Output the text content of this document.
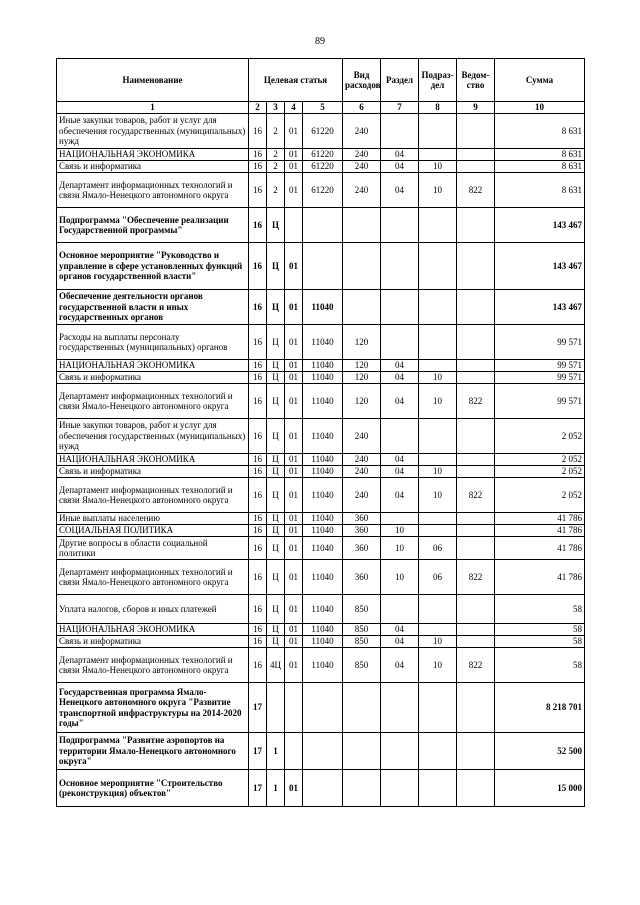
89
Наименование	Целевая статья				Вид расходов	Раздел	Подраз-дел	Ведом-ство	Сумма
1	2	3	4	5	6	7	8	9	10
Иные закупки товаров, работ и услуг для обеспечения государственных (муниципальных) нужд	16	2	01	61220	240				8 631
НАЦИОНАЛЬНАЯ ЭКОНОМИКА	16	2	01	61220	240	04			8 631
Связь и информатика	16	2	01	61220	240	04	10		8 631
Департамент информационных технологий и связи Ямало-Ненецкого автономного округа	16	2	01	61220	240	04	10	822	8 631
Подпрограмма "Обеспечение реализации Государственной программы"	16	Ц							143 467
Основное мероприятие "Руководство и управление в сфере установленных функций органов государственной власти"	16	Ц	01						143 467
Обеспечение деятельности органов государственной власти и иных государственных органов	16	Ц	01	11040					143 467
Расходы на выплаты персоналу государственных (муниципальных) органов	16	Ц	01	11040	120				99 571
НАЦИОНАЛЬНАЯ ЭКОНОМИКА	16	Ц	01	11040	120	04			99 571
Связь и информатика	16	Ц	01	11040	120	04	10		99 571
Департамент информационных технологий и связи Ямало-Ненецкого автономного округа	16	Ц	01	11040	120	04	10	822	99 571
Иные закупки товаров, работ и услуг для обеспечения государственных (муниципальных) нужд	16	Ц	01	11040	240				2 052
НАЦИОНАЛЬНАЯ ЭКОНОМИКА	16	Ц	01	11040	240	04			2 052
Связь и информатика	16	Ц	01	11040	240	04	10		2 052
Департамент информационных технологий и связи Ямало-Ненецкого автономного округа	16	Ц	01	11040	240	04	10	822	2 052
Иные выплаты населению	16	Ц	01	11040	360				41 786
СОЦИАЛЬНАЯ ПОЛИТИКА	16	Ц	01	11040	360	10			41 786
Другие вопросы в области социальной политики	16	Ц	01	11040	360	10	06		41 786
Департамент информационных технологий и связи Ямало-Ненецкого автономного округа	16	Ц	01	11040	360	10	06	822	41 786
Уплата налогов, сборов и иных платежей	16	Ц	01	11040	850				58
НАЦИОНАЛЬНАЯ ЭКОНОМИКА	16	Ц	01	11040	850	04			58
Связь и информатика	16	Ц	01	11040	850	04	10		58
Департамент информационных технологий и связи Ямало-Ненецкого автономного округа	16	4Ц	01	11040	850	04	10	822	58
Государственная программа Ямало-Ненецкого автономного округа "Развитие транспортной инфраструктуры на 2014-2020 годы"	17								8 218 701
Подпрограмма "Развитие аэропортов на территории Ямало-Ненецкого автономного округа"	17	1							52 500
Основное мероприятие "Строительство (реконструкция) объектов"	17	1	01						15 000
